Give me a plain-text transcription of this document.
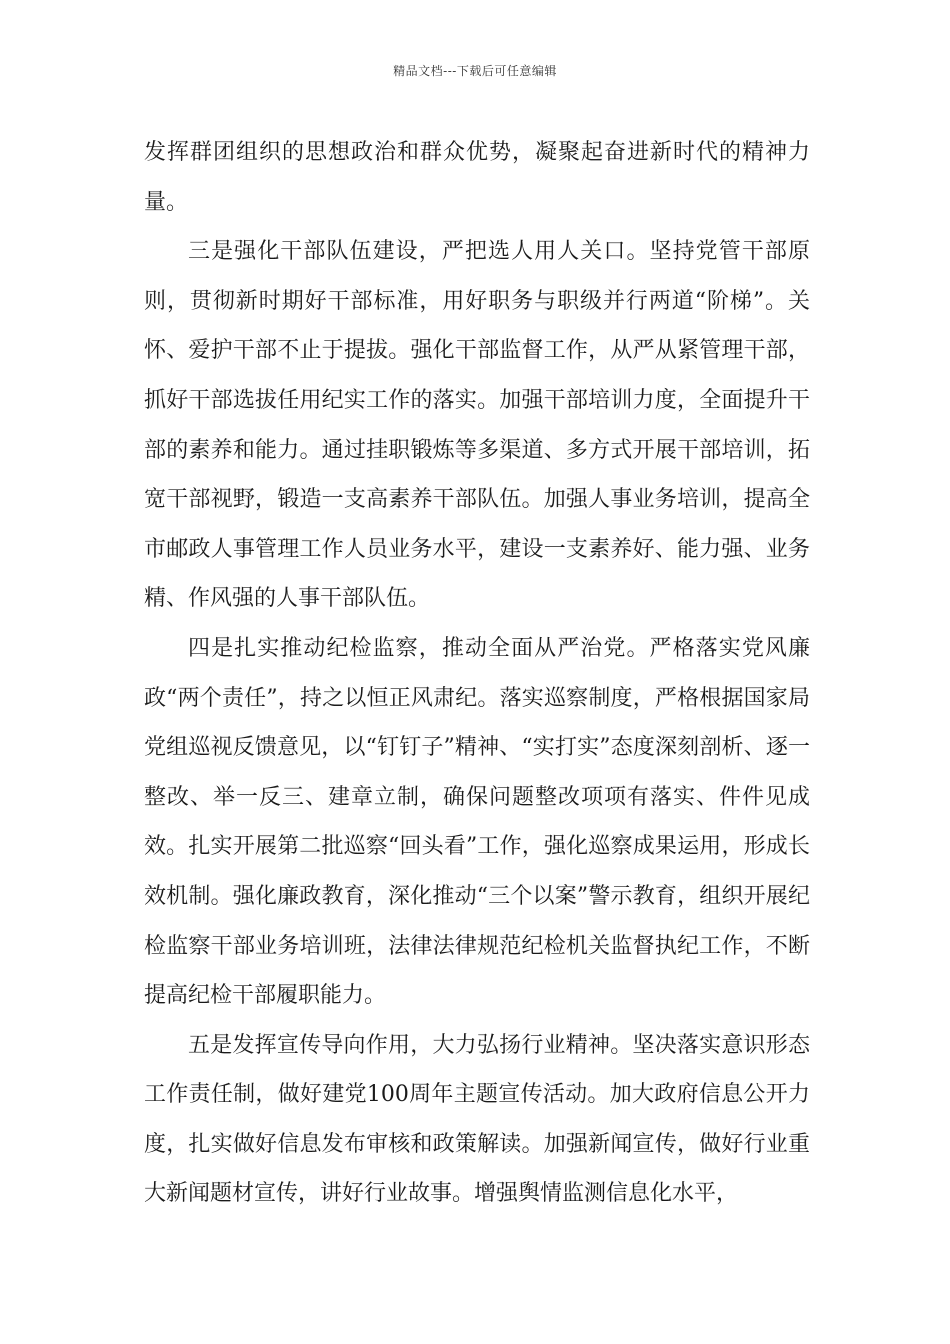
精品文档---下载后可任意编辑

发挥群团组织的思想政治和群众优势，凝聚起奋进新时代的精神力量。

三是强化干部队伍建设，严把选人用人关口。坚持党管干部原则，贯彻新时期好干部标准，用好职务与职级并行两道“阶梯”。关怀、爱护干部不止于提拔。强化干部监督工作，从严从紧管理干部，抓好干部选拔任用纪实工作的落实。加强干部培训力度，全面提升干部的素养和能力。通过挂职锻炼等多渠道、多方式开展干部培训，拓宽干部视野，锻造一支高素养干部队伍。加强人事业务培训，提高全市邮政人事管理工作人员业务水平，建设一支素养好、能力强、业务精、作风强的人事干部队伍。

四是扎实推动纪检监察，推动全面从严治党。严格落实党风廉政“两个责任”，持之以恒正风肃纪。落实巡察制度，严格根据国家局党组巡视反馈意见，以“钉钉子”精神、“实打实”态度深刻剖析、逐一整改、举一反三、建章立制，确保问题整改项项有落实、件件见成效。扎实开展第二批巡察“回头看”工作，强化巡察成果运用，形成长效机制。强化廉政教育，深化推动“三个以案”警示教育，组织开展纪检监察干部业务培训班，法律法律规范纪检机关监督执纪工作，不断提高纪检干部履职能力。

五是发挥宣传导向作用，大力弘扬行业精神。坚决落实意识形态工作责任制，做好建党100周年主题宣传活动。加大政府信息公开力度，扎实做好信息发布审核和政策解读。加强新闻宣传，做好行业重大新闻题材宣传，讲好行业故事。增强舆情监测信息化水平，
